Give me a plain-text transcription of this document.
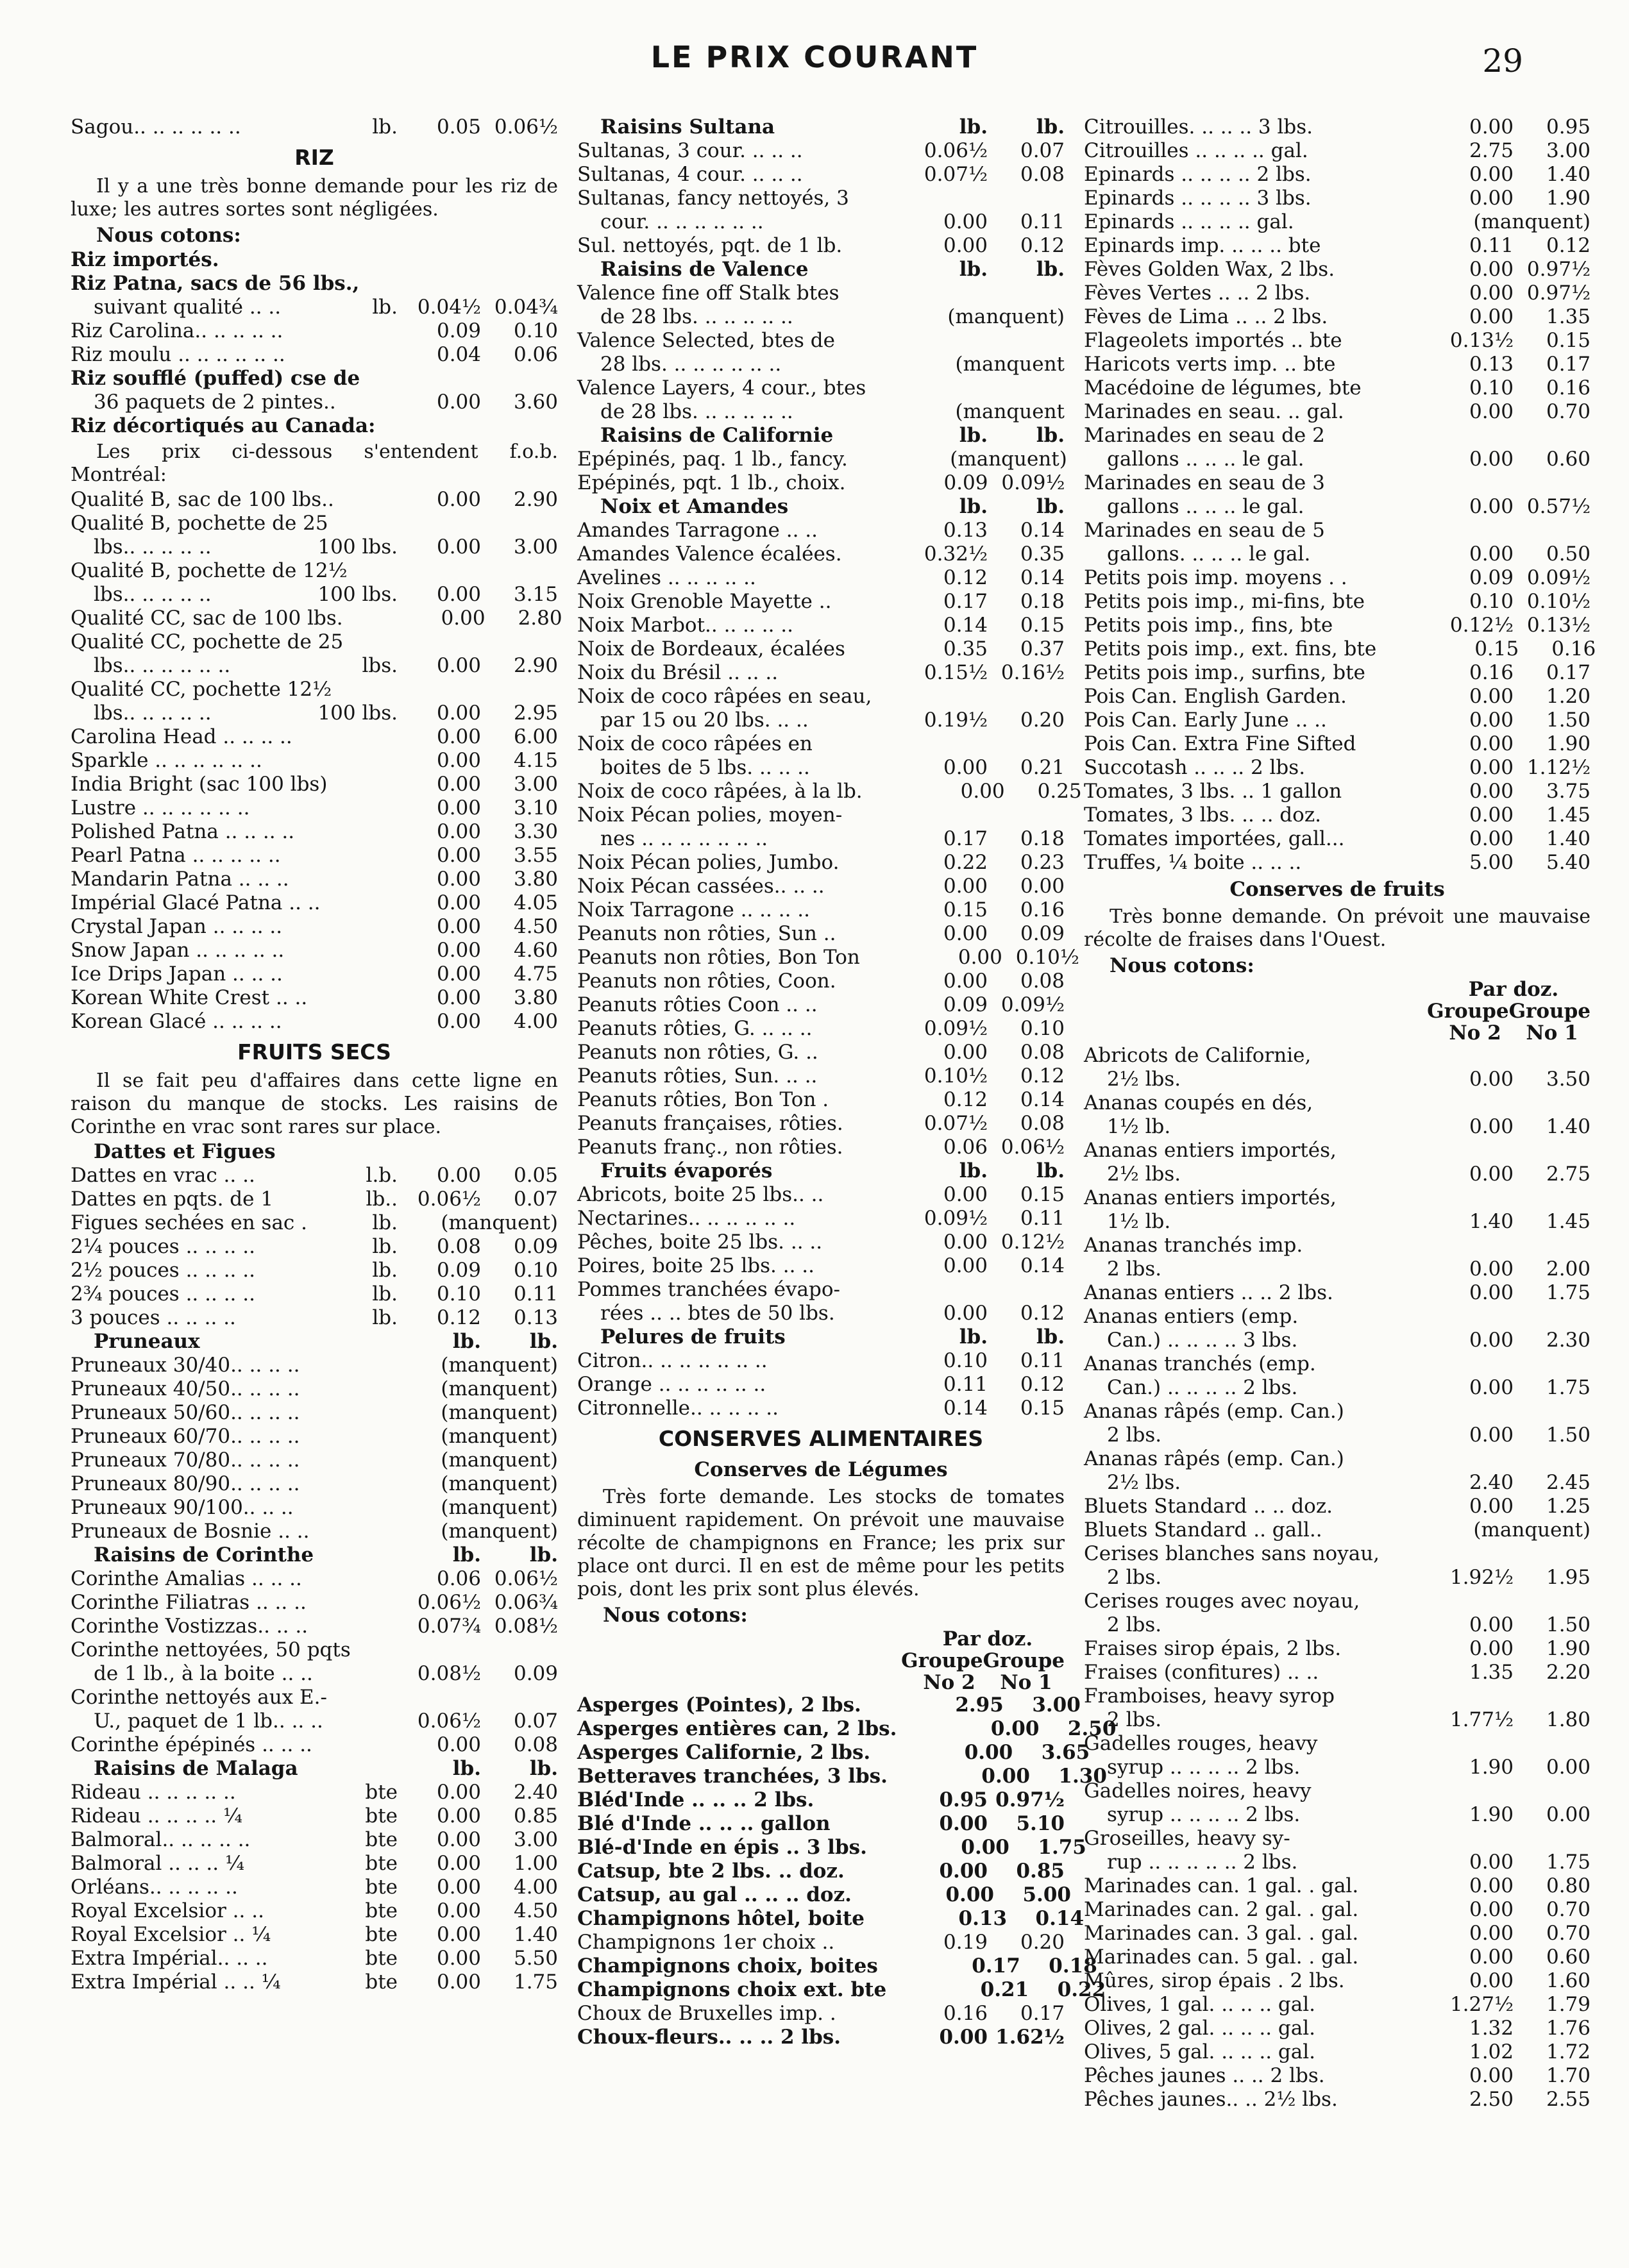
LE PRIX COURANT	29
Sagou.. .. .. .. .. ..	lb.	0.05 0.06½
RIZ
Il y a une très bonne demande pour les riz de luxe; les autres sortes sont négligées.
Nous cotons:
Riz importés.
Riz Patna, sacs de 56 lbs.,
suivant qualité .. ..	lb. 0.04½ 0.04¾
Riz Carolina.. .. .. .. ..	0.09	0.10
Riz moulu .. .. .. .. .. ..	0.04	0.06
Riz soufflé (puffed) cse de
36 paquets de 2 pintes..	0.00	3.60
Riz décortiqués au Canada:
Les prix ci-dessous s'entendent f.o.b. Montréal:
Qualité B, sac de 100 lbs..	0.00	2.90
Qualité B, pochette de 25
lbs.. .. .. .. ..	100 lbs.	0.00	3.00
Qualité B, pochette de 12½
lbs.. .. .. .. ..	100 lbs.	0.00	3.15
Qualité CC, sac de 100 lbs.	0.00	2.80
Qualité CC, pochette de 25
lbs.. .. .. .. .. ..	lbs.	0.00	2.90
Qualité CC, pochette 12½
lbs.. .. .. .. ..	100 lbs.	0.00	2.95
Carolina Head .. .. .. ..	0.00	6.00
Sparkle .. .. .. .. .. ..	0.00	4.15
India Bright (sac 100 lbs)	0.00	3.00
Lustre .. .. .. .. .. ..	0.00	3.10
Polished Patna .. .. .. ..	0.00	3.30
Pearl Patna .. .. .. .. ..	0.00	3.55
Mandarin Patna .. .. ..	0.00	3.80
Impérial Glacé Patna .. ..	0.00	4.05
Crystal Japan .. .. .. ..	0.00	4.50
Snow Japan .. .. .. .. ..	0.00	4.60
Ice Drips Japan .. .. ..	0.00	4.75
Korean White Crest .. ..	0.00	3.80
Korean Glacé .. .. .. ..	0.00	4.00
FRUITS SECS
Il se fait peu d'affaires dans cette ligne en raison du manque de stocks. Les raisins de Corinthe en vrac sont rares sur place.
Dattes et Figues
Dattes en vrac .. ..	l.b.	0.00	0.05
Dattes en pqts. de 1	lb.. 0.06½	0.07
Figues sechées en sac .	lb.	(manquent)
2¼ pouces .. .. .. ..	lb.	0.08	0.09
2½ pouces .. .. .. ..	lb.	0.09	0.10
2¾ pouces .. .. .. ..	lb.	0.10	0.11
3 pouces .. .. .. ..	lb.	0.12	0.13
Pruneaux	lb.	lb.
Pruneaux 30/40.. .. .. ..	(manquent)
Pruneaux 40/50.. .. .. ..	(manquent)
Pruneaux 50/60.. .. .. ..	(manquent)
Pruneaux 60/70.. .. .. ..	(manquent)
Pruneaux 70/80.. .. .. ..	(manquent)
Pruneaux 80/90.. .. .. ..	(manquent)
Pruneaux 90/100.. .. ..	(manquent)
Pruneaux de Bosnie .. ..	(manquent)
Raisins de Corinthe	lb.	lb.
Corinthe Amalias .. .. ..	0.06 0.06½
Corinthe Filiatras .. .. ..	0.06½ 0.06¾
Corinthe Vostizzas.. .. ..	0.07¾ 0.08½
Corinthe nettoyées, 50 pqts
de 1 lb., à la boite .. ..	0.08½	0.09
Corinthe nettoyés aux E.-
U., paquet de 1 lb.. .. ..	0.06½	0.07
Corinthe épépinés .. .. ..	0.00	0.08
Raisins de Malaga	lb.	lb.
Rideau .. .. .. .. ..	bte	0.00	2.40
Rideau .. .. .. .. ¼	bte	0.00	0.85
Balmoral.. .. .. .. ..	bte	0.00	3.00
Balmoral .. .. .. ¼	bte	0.00	1.00
Orléans.. .. .. .. ..	bte	0.00	4.00
Royal Excelsior .. ..	bte	0.00	4.50
Royal Excelsior .. ¼	bte	0.00	1.40
Extra Impérial.. .. ..	bte	0.00	5.50
Extra Impérial .. .. ¼	bte	0.00	1.75
Raisins Sultana	lb.	lb.
Sultanas, 3 cour. .. .. ..	0.06½	0.07
Sultanas, 4 cour. .. .. ..	0.07½	0.08
Sultanas, fancy nettoyés, 3
cour. .. .. .. .. .. ..	0.00	0.11
Sul. nettoyés, pqt. de 1 lb.	0.00	0.12
Raisins de Valence	lb.	lb.
Valence fine off Stalk btes
de 28 lbs. .. .. .. .. ..	(manquent)
Valence Selected, btes de
28 lbs. .. .. .. .. .. ..	(manquent
Valence Layers, 4 cour., btes
de 28 lbs. .. .. .. .. ..	(manquent
Raisins de Californie	lb.	lb.
Epépinés, paq. 1 lb., fancy.	(manquent)
Epépinés, pqt. 1 lb., choix.	0.09 0.09½
Noix et Amandes	lb.	lb.
Amandes Tarragone .. ..	0.13	0.14
Amandes Valence écalées.	0.32½	0.35
Avelines .. .. .. .. ..	0.12	0.14
Noix Grenoble Mayette ..	0.17	0.18
Noix Marbot.. .. .. .. ..	0.14	0.15
Noix de Bordeaux, écalées	0.35	0.37
Noix du Brésil .. .. ..	0.15½ 0.16½
Noix de coco râpées en seau,
par 15 ou 20 lbs. .. ..	0.19½	0.20
Noix de coco râpées en
boites de 5 lbs. .. .. ..	0.00	0.21
Noix de coco râpées, à la lb.	0.00	0.25
Noix Pécan polies, moyen-
nes .. .. .. .. .. .. ..	0.17	0.18
Noix Pécan polies, Jumbo.	0.22	0.23
Noix Pécan cassées.. .. ..	0.00	0.00
Noix Tarragone .. .. .. ..	0.15	0.16
Peanuts non rôties, Sun ..	0.00	0.09
Peanuts non rôties, Bon Ton	0.00 0.10½
Peanuts non rôties, Coon.	0.00	0.08
Peanuts rôties Coon .. ..	0.09 0.09½
Peanuts rôties, G. .. .. ..	0.09½	0.10
Peanuts non rôties, G. ..	0.00	0.08
Peanuts rôties, Sun. .. ..	0.10½	0.12
Peanuts rôties, Bon Ton .	0.12	0.14
Peanuts françaises, rôties.	0.07½	0.08
Peanuts franç., non rôties.	0.06 0.06½
Fruits évaporés	lb.	lb.
Abricots, boite 25 lbs.. ..	0.00	0.15
Nectarines.. .. .. .. .. ..	0.09½	0.11
Pêches, boite 25 lbs. .. ..	0.00 0.12½
Poires, boite 25 lbs. .. ..	0.00	0.14
Pommes tranchées évapo-
rées .. .. btes de 50 lbs.	0.00	0.12
Pelures de fruits	lb.	lb.
Citron.. .. .. .. .. .. ..	0.10	0.11
Orange .. .. .. .. .. ..	0.11	0.12
Citronnelle.. .. .. .. ..	0.14	0.15
CONSERVES ALIMENTAIRES
Conserves de Légumes
Très forte demande. Les stocks de tomates diminuent rapidement. On prévoit une mauvaise récolte de champignons en France; les prix sur place ont durci. Il en est de même pour les petits pois, dont les prix sont plus élevés.
Nous cotons:
Par doz.
Groupe Groupe
No 2	No 1
Asperges (Pointes), 2 lbs.	2.95	3.00
Asperges entières can, 2 lbs.	0.00	2.50
Asperges Californie, 2 lbs.	0.00	3.65
Betteraves tranchées, 3 lbs.	0.00	1.30
Bléd'Inde .. .. .. 2 lbs.	0.95 0.97½
Blé d'Inde .. .. .. gallon	0.00	5.10
Blé-d'Inde en épis .. 3 lbs.	0.00	1.75
Catsup, bte 2 lbs. .. doz.	0.00	0.85
Catsup, au gal .. .. .. doz.	0.00	5.00
Champignons hôtel, boite	0.13	0.14
Champignons 1er choix ..	0.19	0.20
Champignons choix, boites	0.17	0.18
Champignons choix ext. bte	0.21	0.22
Choux de Bruxelles imp. .	0.16	0.17
Choux-fleurs.. .. .. 2 lbs.	0.00 1.62½
Citrouilles. .. .. .. 3 lbs.	0.00	0.95
Citrouilles .. .. .. .. gal.	2.75	3.00
Epinards .. .. .. .. 2 lbs.	0.00	1.40
Epinards .. .. .. .. 3 lbs.	0.00	1.90
Epinards .. .. .. .. gal.	(manquent)
Epinards imp. .. .. .. bte	0.11	0.12
Fèves Golden Wax, 2 lbs.	0.00 0.97½
Fèves Vertes .. .. 2 lbs.	0.00 0.97½
Fèves de Lima .. .. 2 lbs.	0.00	1.35
Flageolets importés .. bte	0.13½	0.15
Haricots verts imp. .. bte	0.13	0.17
Macédoine de légumes, bte	0.10	0.16
Marinades en seau. .. gal.	0.00	0.70
Marinades en seau de 2
gallons .. .. .. le gal.	0.00	0.60
Marinades en seau de 3
gallons .. .. .. le gal.	0.00 0.57½
Marinades en seau de 5
gallons. .. .. .. le gal.	0.00	0.50
Petits pois imp. moyens . .	0.09 0.09½
Petits pois imp., mi-fins, bte	0.10 0.10½
Petits pois imp., fins, bte	0.12½ 0.13½
Petits pois imp., ext. fins, bte	0.15	0.16
Petits pois imp., surfins, bte	0.16	0.17
Pois Can. English Garden.	0.00	1.20
Pois Can. Early June .. ..	0.00	1.50
Pois Can. Extra Fine Sifted	0.00	1.90
Succotash .. .. .. 2 lbs.	0.00 1.12½
Tomates, 3 lbs. .. 1 gallon	0.00	3.75
Tomates, 3 lbs. .. .. doz.	0.00	1.45
Tomates importées, gall...	0.00	1.40
Truffes, ¼ boite .. .. ..	5.00	5.40
Conserves de fruits
Très bonne demande. On prévoit une mauvaise récolte de fraises dans l'Ouest.
Nous cotons:
Par doz.
Groupe Groupe
No 2	No 1
Abricots de Californie,
2½ lbs.	0.00	3.50
Ananas coupés en dés,
1½ lb.	0.00	1.40
Ananas entiers importés,
2½ lbs.	0.00	2.75
Ananas entiers importés,
1½ lb.	1.40	1.45
Ananas tranchés imp.
2 lbs.	0.00	2.00
Ananas entiers .. .. 2 lbs.	0.00	1.75
Ananas entiers (emp.
Can.) .. .. .. .. 3 lbs.	0.00	2.30
Ananas tranchés (emp.
Can.) .. .. .. .. 2 lbs.	0.00	1.75
Ananas râpés (emp. Can.)
2 lbs.	0.00	1.50
Ananas râpés (emp. Can.)
2½ lbs.	2.40	2.45
Bluets Standard .. .. doz.	0.00	1.25
Bluets Standard .. gall..	(manquent)
Cerises blanches sans noyau,
2 lbs.	1.92½	1.95
Cerises rouges avec noyau,
2 lbs.	0.00	1.50
Fraises sirop épais, 2 lbs.	0.00	1.90
Fraises (confitures) .. ..	1.35	2.20
Framboises, heavy syrop
2 lbs.	1.77½	1.80
Gadelles rouges, heavy
syrup .. .. .. .. 2 lbs.	1.90	0.00
Gadelles noires, heavy
syrup .. .. .. .. 2 lbs.	1.90	0.00
Groseilles, heavy sy-
rup .. .. .. .. .. 2 lbs.	0.00	1.75
Marinades can. 1 gal. . gal.	0.00	0.80
Marinades can. 2 gal. . gal.	0.00	0.70
Marinades can. 3 gal. . gal.	0.00	0.70
Marinades can. 5 gal. . gal.	0.00	0.60
Mûres, sirop épais . 2 lbs.	0.00	1.60
Olives, 1 gal. .. .. .. gal.	1.27½	1.79
Olives, 2 gal. .. .. .. gal.	1.32	1.76
Olives, 5 gal. .. .. .. gal.	1.02	1.72
Pêches jaunes .. .. 2 lbs.	0.00	1.70
Pêches jaunes.. .. 2½ lbs.	2.50	2.55
